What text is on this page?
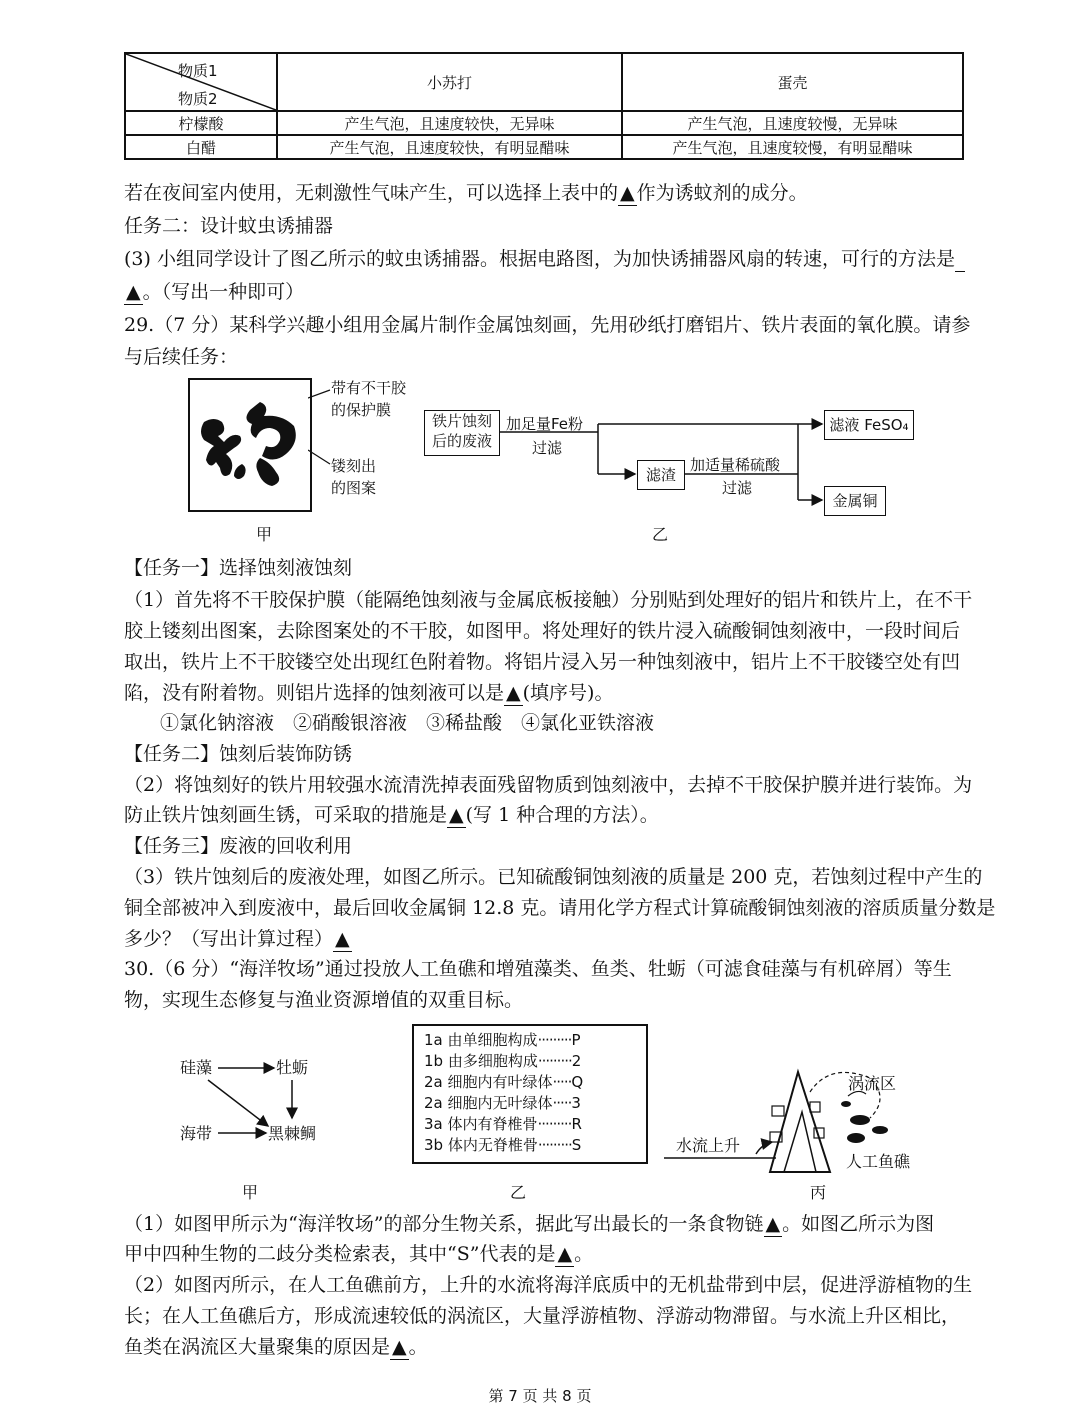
物质1
物质2	小苏打	蛋壳
柠檬酸	产生气泡，且速度较快，无异味	产生气泡，且速度较慢，无异味
白醋	产生气泡，且速度较快，有明显醋味	产生气泡，且速度较慢，有明显醋味
若在夜间室内使用，无刺激性气味产生，可以选择上表中的 ▲ 作为诱蚊剂的成分。
任务二：设计蚊虫诱捕器
(3) 小组同学设计了图乙所示的蚊虫诱捕器。根据电路图，为加快诱捕器风扇的转速，可行的方法是
▲ 。（写出一种即可）
29.（7 分）某科学兴趣小组用金属片制作金属蚀刻画，先用砂纸打磨铝片、铁片表面的氧化膜。请参
与后续任务：
带有不干胶
的保护膜
镂刻出
的图案
甲
铁片蚀刻
后的废液
加足量Fe粉
过滤
滤液 FeSO₄
滤渣
加适量稀硫酸
过滤
金属铜
乙
【任务一】选择蚀刻液蚀刻
（1）首先将不干胶保护膜（能隔绝蚀刻液与金属底板接触）分别贴到处理好的铝片和铁片上，在不干
胶上镂刻出图案，去除图案处的不干胶，如图甲。将处理好的铁片浸入硫酸铜蚀刻液中，一段时间后
取出，铁片上不干胶镂空处出现红色附着物。将铝片浸入另一种蚀刻液中，铝片上不干胶镂空处有凹
陷，没有附着物。则铝片选择的蚀刻液可以是 ▲ (填序号)。
①氯化钠溶液　②硝酸银溶液　③稀盐酸　④氯化亚铁溶液
【任务二】蚀刻后装饰防锈
（2）将蚀刻好的铁片用较强水流清洗掉表面残留物质到蚀刻液中，去掉不干胶保护膜并进行装饰。为
防止铁片蚀刻画生锈，可采取的措施是 ▲ (写 1 种合理的方法）。
【任务三】废液的回收利用
（3）铁片蚀刻后的废液处理，如图乙所示。已知硫酸铜蚀刻液的质量是 200 克，若蚀刻过程中产生的
铜全部被冲入到废液中，最后回收金属铜 12.8 克。请用化学方程式计算硫酸铜蚀刻液的溶质质量分数是
多少？（写出计算过程） ▲
30.（6 分）“海洋牧场”通过投放人工鱼礁和增殖藻类、鱼类、牡蛎（可滤食硅藻与有机碎屑）等生
物，实现生态修复与渔业资源增值的双重目标。
硅藻	牡蛎
海带	黑棘鲷
甲
1a 由单细胞构成·········P
1b 由多细胞构成·········2
2a 细胞内有叶绿体·····Q
2a 细胞内无叶绿体·····3
3a 体内有脊椎骨·········R
3b 体内无脊椎骨·········S
乙
涡流区
水流上升
人工鱼礁
丙
（1）如图甲所示为“海洋牧场”的部分生物关系，据此写出最长的一条食物链 ▲ 。如图乙所示为图
甲中四种生物的二歧分类检索表，其中“S”代表的是 ▲ 。
（2）如图丙所示，在人工鱼礁前方，上升的水流将海洋底质中的无机盐带到中层，促进浮游植物的生
长；在人工鱼礁后方，形成流速较低的涡流区，大量浮游植物、浮游动物滞留。与水流上升区相比，
鱼类在涡流区大量聚集的原因是 ▲ 。
第 7 页 共 8 页
